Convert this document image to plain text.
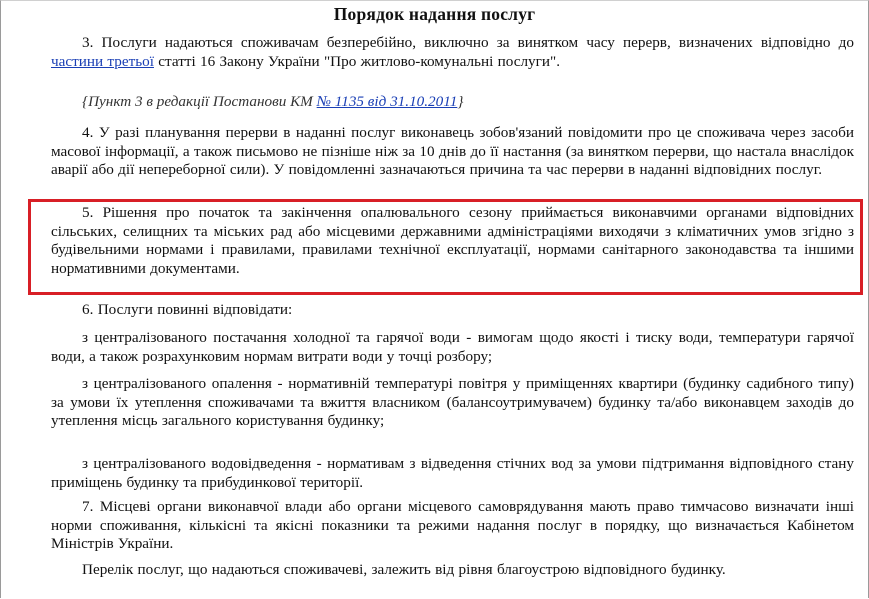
Порядок надання послуг
3. Послуги надаються споживачам безперебійно, виключно за винятком часу перерв, визначених відповідно до частини третьої статті 16 Закону України "Про житлово-комунальні послуги".
{Пункт 3 в редакції Постанови КМ № 1135 від 31.10.2011}
4. У разі планування перерви в наданні послуг виконавець зобов'язаний повідомити про це споживача через засоби масової інформації, а також письмово не пізніше ніж за 10 днів до її настання (за винятком перерви, що настала внаслідок аварії або дії непереборної сили). У повідомленні зазначаються причина та час перерви в наданні відповідних послуг.
5. Рішення про початок та закінчення опалювального сезону приймається виконавчими органами відповідних сільських, селищних та міських рад або місцевими державними адміністраціями виходячи з кліматичних умов згідно з будівельними нормами і правилами, правилами технічної експлуатації, нормами санітарного законодавства та іншими нормативними документами.
6. Послуги повинні відповідати:
з централізованого постачання холодної та гарячої води - вимогам щодо якості і тиску води, температури гарячої води, а також розрахунковим нормам витрати води у точці розбору;
з централізованого опалення - нормативній температурі повітря у приміщеннях квартири (будинку садибного типу) за умови їх утеплення споживачами та вжиття власником (балансоутримувачем) будинку та/або виконавцем заходів до утеплення місць загального користування будинку;
з централізованого водовідведення - нормативам з відведення стічних вод за умови підтримання відповідного стану приміщень будинку та прибудинкової території.
7. Місцеві органи виконавчої влади або органи місцевого самоврядування мають право тимчасово визначати інші норми споживання, кількісні та якісні показники та режими надання послуг в порядку, що визначається Кабінетом Міністрів України.
Перелік послуг, що надаються споживачеві, залежить від рівня благоустрою відповідного будинку.
